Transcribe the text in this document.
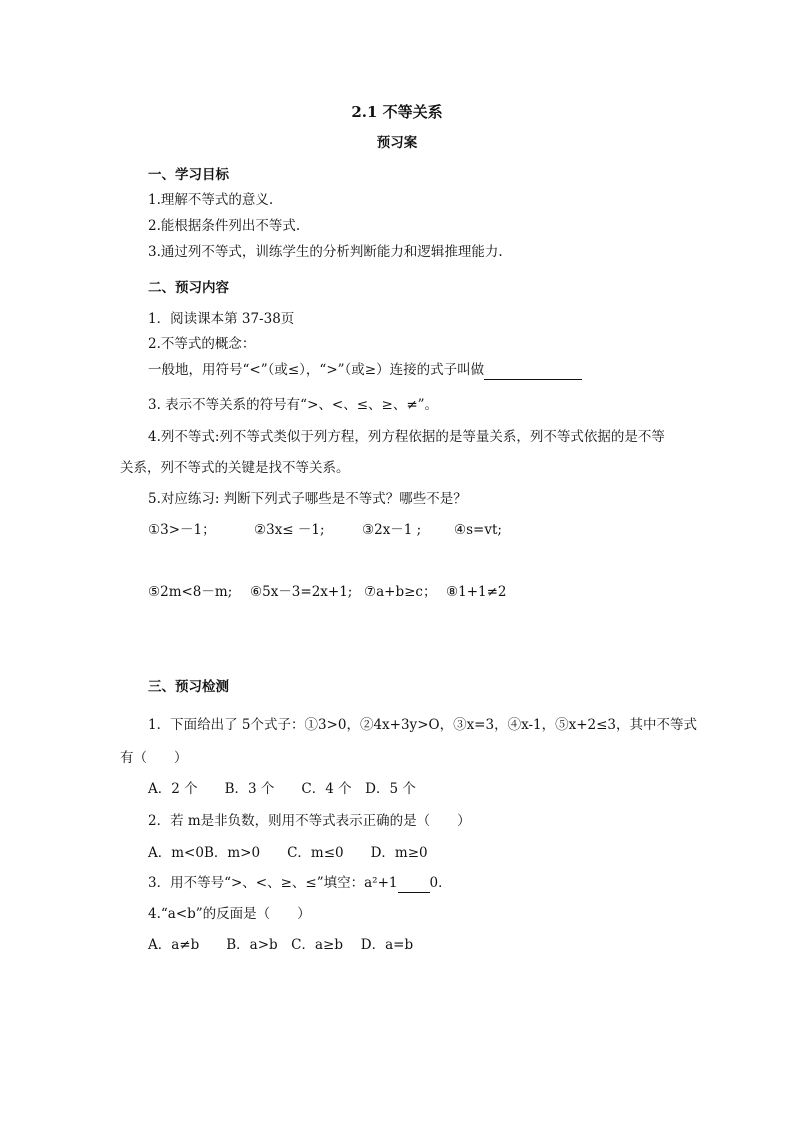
2.1 不等关系
预习案
一、学习目标
1.理解不等式的意义.
2.能根据条件列出不等式.
3.通过列不等式，训练学生的分析判断能力和逻辑推理能力.
二、预习内容
1．阅读课本第 37-38页
2.不等式的概念：
一般地，用符号“<”（或≤），“>”（或≥）连接的式子叫做
3. 表示不等关系的符号有“>、<、≤、≥、≠”。
4.列不等式:列不等式类似于列方程，列方程依据的是等量关系，列不等式依据的是不等
关系，列不等式的关键是找不等关系。
5.对应练习: 判断下列式子哪些是不等式？哪些不是？
①3>－1；	②3x≤ －1;	③2x－1 ; ④s=vt;
⑤2m<8－m; ⑥5x－3=2x+1; ⑦a+b≥c； ⑧1+1≠2
三、预习检测
1．下面给出了 5个式子：①3>0，②4x+3y>O，③x=3，④x-1，⑤x+2≤3，其中不等式
有（　　）
A．2 个　　B．3 个　　C．4 个　D．5 个
2．若 m是非负数，则用不等式表示正确的是（　　）
A．m<0B．m>0　　C．m≤0　　D．m≥0
3．用不等号“>、<、≥、≤”填空：a²+1 0．
4.“a<b”的反面是（　　）
A．a≠b　　B．a>b　C．a≥b　 D．a=b
